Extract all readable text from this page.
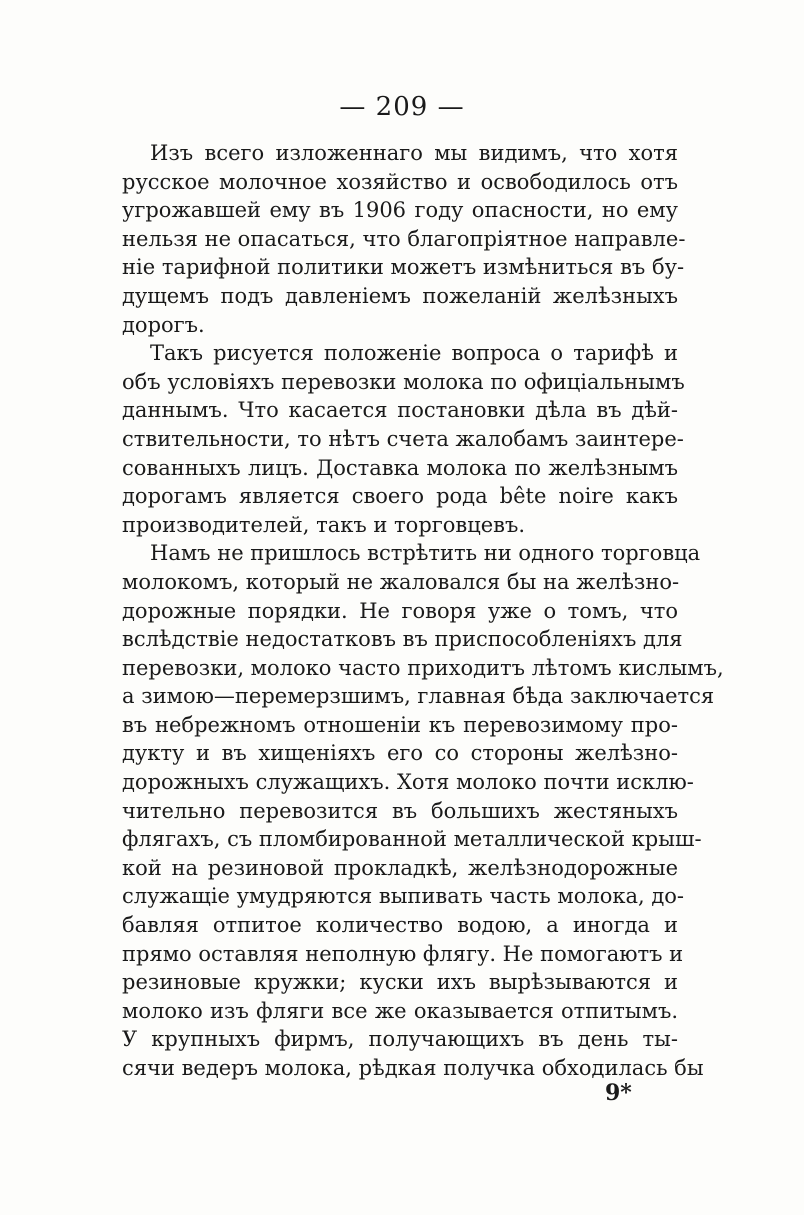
— 209 —

Изъ всего изложеннаго мы видимъ, что хотя
русское молочное хозяйство и освободилось отъ
угрожавшей ему въ 1906 году опасности, но ему
нельзя не опасаться, что благопріятное направле-
ніе тарифной политики можетъ измѣниться въ бу-
дущемъ подъ давленіемъ пожеланій желѣзныхъ
дорогъ.
Такъ рисуется положеніе вопроса о тарифѣ и
объ условіяхъ перевозки молока по офиціальнымъ
даннымъ. Что касается постановки дѣла въ дѣй-
ствительности, то нѣтъ счета жалобамъ заинтере-
сованныхъ лицъ. Доставка молока по желѣзнымъ
дорогамъ является своего рода bête noire какъ
производителей, такъ и торговцевъ.
Намъ не пришлось встрѣтить ни одного торговца
молокомъ, который не жаловался бы на желѣзно-
дорожные порядки. Не говоря уже о томъ, что
вслѣдствіе недостатковъ въ приспособленіяхъ для
перевозки, молоко часто приходитъ лѣтомъ кислымъ,
а зимою—перемерзшимъ, главная бѣда заключается
въ небрежномъ отношеніи къ перевозимому про-
дукту и въ хищеніяхъ его со стороны желѣзно-
дорожныхъ служащихъ. Хотя молоко почти исклю-
чительно перевозится въ большихъ жестяныхъ
флягахъ, съ пломбированной металлической крыш-
кой на резиновой прокладкѣ, желѣзнодорожные
служащіе умудряются выпивать часть молока, до-
бавляя отпитое количество водою, а иногда и
прямо оставляя неполную флягу. Не помогаютъ и
резиновые кружки; куски ихъ вырѣзываются и
молоко изъ фляги все же оказывается отпитымъ.
У крупныхъ фирмъ, получающихъ въ день ты-
сячи ведеръ молока, рѣдкая получка обходилась бы

9*
